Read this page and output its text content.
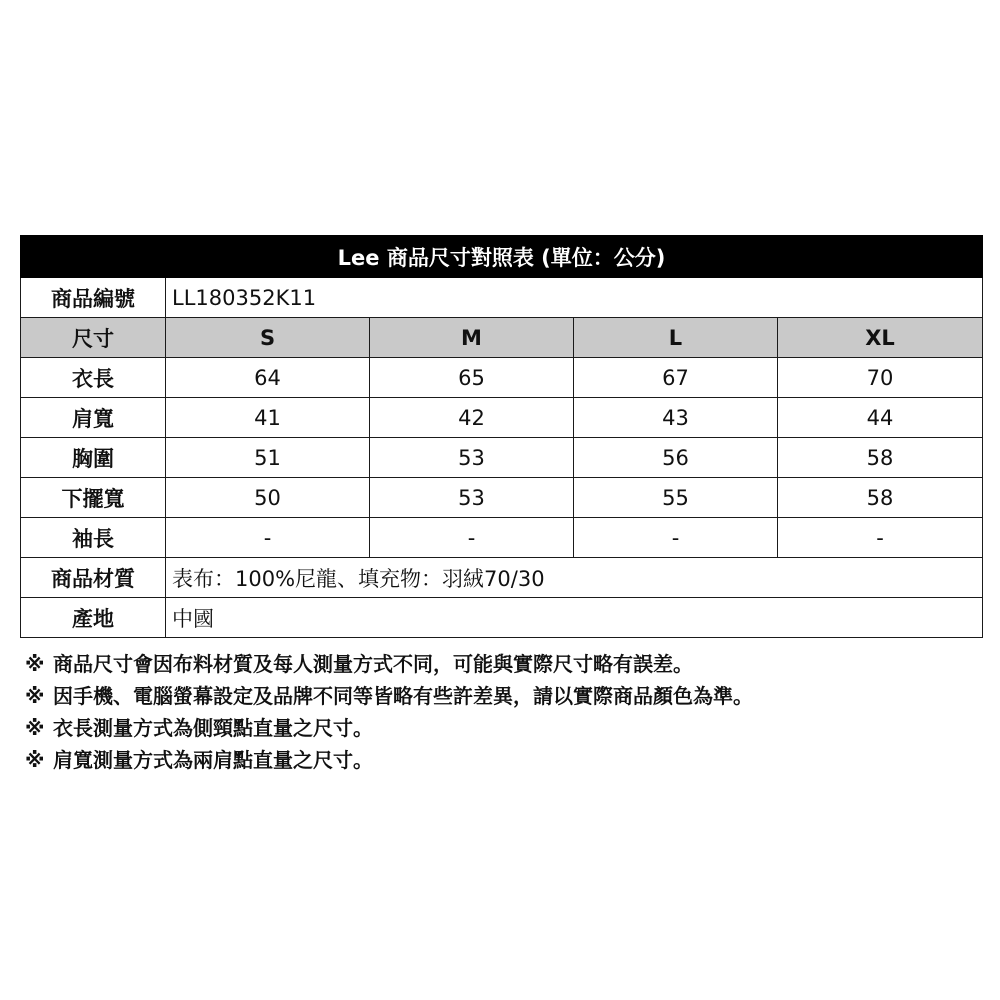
Lee 商品尺寸對照表 (單位：公分)				
商品編號	LL180352K11			
尺寸	S	M	L	XL
衣長	64	65	67	70
肩寬	41	42	43	44
胸圍	51	53	56	58
下擺寬	50	53	55	58
袖長	-	-	-	-
商品材質	表布：100%尼龍、填充物：羽絨70/30			
產地	中國			
※ 商品尺寸會因布料材質及每人測量方式不同，可能與實際尺寸略有誤差。
※ 因手機、電腦螢幕設定及品牌不同等皆略有些許差異，請以實際商品顏色為準。
※ 衣長測量方式為側頸點直量之尺寸。
※ 肩寬測量方式為兩肩點直量之尺寸。
